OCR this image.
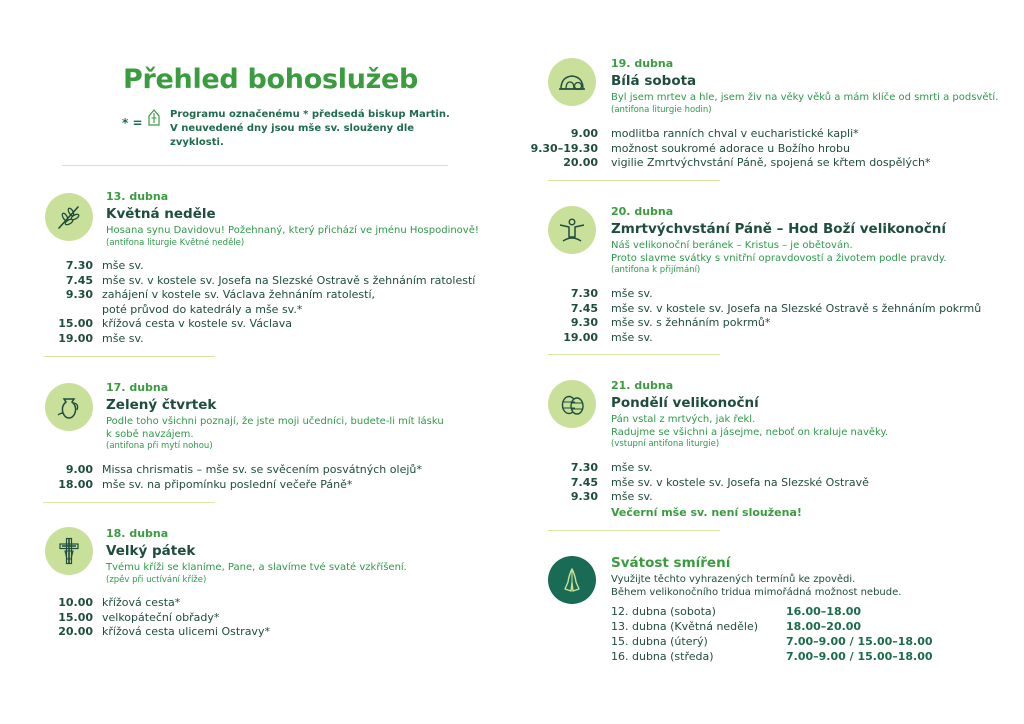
Přehled bohoslužeb
* =
Programu označenému * předsedá biskup Martin.
V neuvedené dny jsou mše sv. slouženy dle zvyklosti.
13. dubna
Květná neděle
Hosana synu Davidovu! Požehnaný, který přichází ve jménu Hospodinově!
(antifona liturgie Květné neděle)
7.30 mše sv.
7.45 mše sv. v kostele sv. Josefa na Slezské Ostravě s žehnáním ratolestí
9.30 zahájení v kostele sv. Václava žehnáním ratolestí,
poté průvod do katedrály a mše sv.*
15.00 křížová cesta v kostele sv. Václava
19.00 mše sv.
17. dubna
Zelený čtvrtek
Podle toho všichni poznají, že jste moji učedníci, budete-li mít lásku
k sobě navzájem.
(antifona při mytí nohou)
9.00 Missa chrismatis – mše sv. se svěcením posvátných olejů*
18.00 mše sv. na připomínku poslední večeře Páně*
18. dubna
Velký pátek
Tvému kříži se klaníme, Pane, a slavíme tvé svaté vzkříšení.
(zpěv při uctívání kříže)
10.00 křížová cesta*
15.00 velkopáteční obřady*
20.00 křížová cesta ulicemi Ostravy*
19. dubna
Bílá sobota
Byl jsem mrtev a hle, jsem živ na věky věků a mám klíče od smrti a podsvětí.
(antifona liturgie hodin)
9.00	modlitba ranních chval v eucharistické kapli*
9.30–19.30	možnost soukromé adorace u Božího hrobu
20.00	vigilie Zmrtvýchvstání Páně, spojená se křtem dospělých*
20. dubna
Zmrtvýchvstání Páně – Hod Boží velikonoční
Náš velikonoční beránek – Kristus – je obětován.
Proto slavme svátky s vnitřní opravdovostí a životem podle pravdy.
(antifona k přijímání)
7.30	mše sv.
7.45	mše sv. v kostele sv. Josefa na Slezské Ostravě s žehnáním pokrmů
9.30	mše sv. s žehnáním pokrmů*
19.00	mše sv.
21. dubna
Pondělí velikonoční
Pán vstal z mrtvých, jak řekl.
Radujme se všichni a jásejme, neboť on kraluje navěky.
(vstupní antifona liturgie)
7.30	mše sv.
7.45	mše sv. v kostele sv. Josefa na Slezské Ostravě
9.30	mše sv.
Večerní mše sv. není sloužena!
Svátost smíření
Využijte těchto vyhrazených termínů ke zpovědi.
Během velikonočního tridua mimořádná možnost nebude.
12. dubna (sobota)	16.00–18.00
13. dubna (Květná neděle)	18.00–20.00
15. dubna (úterý)	7.00–9.00 / 15.00–18.00
16. dubna (středa)	7.00–9.00 / 15.00–18.00
